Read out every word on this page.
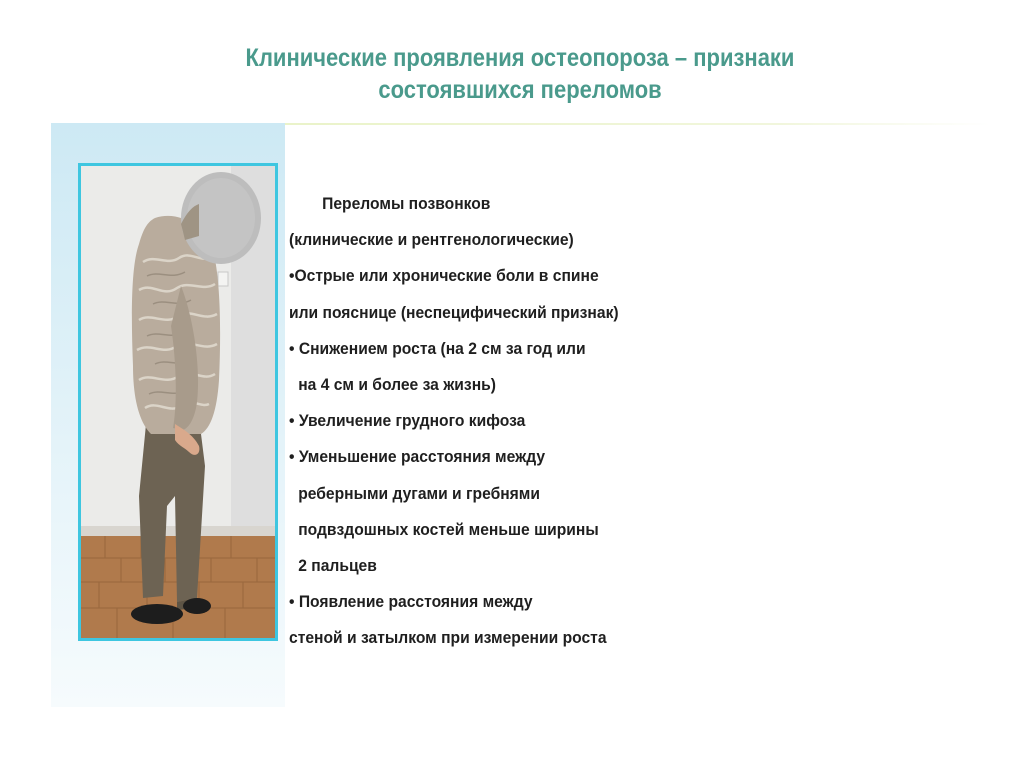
Клинические проявления остеопороза – признаки
состоявшихся переломов
Переломы позвонков
(клинические и рентгенологические)
•Острые или хронические боли в спине
или пояснице (неспецифический признак)
• Снижением роста (на 2 см за год или
на 4 см и более за жизнь)
• Увеличение грудного кифоза
• Уменьшение расстояния между
реберными дугами и гребнями
подвздошных костей меньше ширины
2 пальцев
• Появление расстояния между
стеной и затылком при измерении роста
